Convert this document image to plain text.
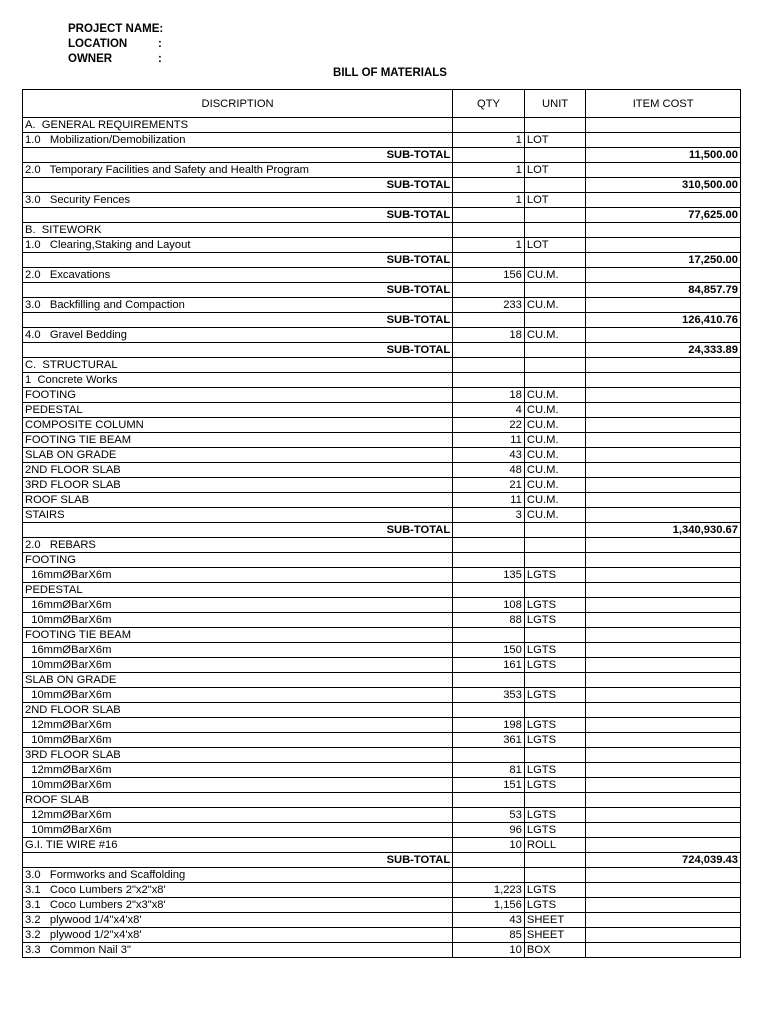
PROJECT NAME:
LOCATION	:
OWNER	:
BILL OF MATERIALS
DISCRIPTION	QTY	UNIT	ITEM COST
A.  GENERAL REQUIREMENTS			
1.0   Mobilization/Demobilization	1	LOT	
SUB-TOTAL			11,500.00
2.0   Temporary Facilities and Safety and Health Program	1	LOT	
SUB-TOTAL			310,500.00
3.0   Security Fences	1	LOT	
SUB-TOTAL			77,625.00
B.  SITEWORK			
1.0   Clearing,Staking and Layout	1	LOT	
SUB-TOTAL			17,250.00
2.0   Excavations	156	CU.M.	
SUB-TOTAL			84,857.79
3.0   Backfilling and Compaction	233	CU.M.	
SUB-TOTAL			126,410.76
4.0   Gravel Bedding	18	CU.M.	
SUB-TOTAL			24,333.89
C.  STRUCTURAL			
1  Concrete Works			
FOOTING	18	CU.M.	
PEDESTAL	4	CU.M.	
COMPOSITE COLUMN	22	CU.M.	
FOOTING TIE BEAM	11	CU.M.	
SLAB ON GRADE	43	CU.M.	
2ND FLOOR SLAB	48	CU.M.	
3RD FLOOR SLAB	21	CU.M.	
ROOF SLAB	11	CU.M.	
STAIRS	3	CU.M.	
SUB-TOTAL			1,340,930.67
2.0   REBARS			
FOOTING			
16mmØBarX6m	135	LGTS	
PEDESTAL			
16mmØBarX6m	108	LGTS	
10mmØBarX6m	88	LGTS	
FOOTING TIE BEAM			
16mmØBarX6m	150	LGTS	
10mmØBarX6m	161	LGTS	
SLAB ON GRADE			
10mmØBarX6m	353	LGTS	
2ND FLOOR SLAB			
12mmØBarX6m	198	LGTS	
10mmØBarX6m	361	LGTS	
3RD FLOOR SLAB			
12mmØBarX6m	81	LGTS	
10mmØBarX6m	151	LGTS	
ROOF SLAB			
12mmØBarX6m	53	LGTS	
10mmØBarX6m	96	LGTS	
G.I. TIE WIRE #16	10	ROLL	
SUB-TOTAL			724,039.43
3.0   Formworks and Scaffolding			
3.1   Coco Lumbers 2"x2"x8'	1,223	LGTS	
3.1   Coco Lumbers 2"x3"x8'	1,156	LGTS	
3.2   plywood 1/4"x4'x8'	43	SHEET	
3.2   plywood 1/2"x4'x8'	85	SHEET	
3.3   Common Nail 3"	10	BOX	
